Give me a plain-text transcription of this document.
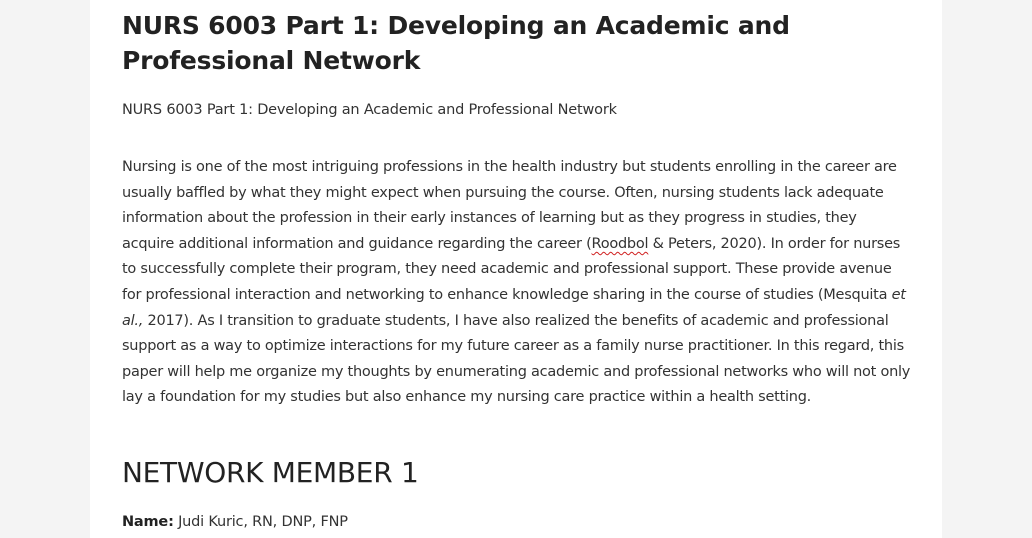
NURS 6003 Part 1: Developing an Academic and Professional Network

NURS 6003 Part 1: Developing an Academic and Professional Network

Nursing is one of the most intriguing professions in the health industry but students enrolling in the career are usually baffled by what they might expect when pursuing the course. Often, nursing students lack adequate information about the profession in their early instances of learning but as they progress in studies, they acquire additional information and guidance regarding the career (Roodbol & Peters, 2020). In order for nurses to successfully complete their program, they need academic and professional support. These provide avenue for professional interaction and networking to enhance knowledge sharing in the course of studies (Mesquita et al., 2017). As I transition to graduate students, I have also realized the benefits of academic and professional support as a way to optimize interactions for my future career as a family nurse practitioner. In this regard, this paper will help me organize my thoughts by enumerating academic and professional networks who will not only lay a foundation for my studies but also enhance my nursing care practice within a health setting.

NETWORK MEMBER 1

Name: Judi Kuric, RN, DNP, FNP
